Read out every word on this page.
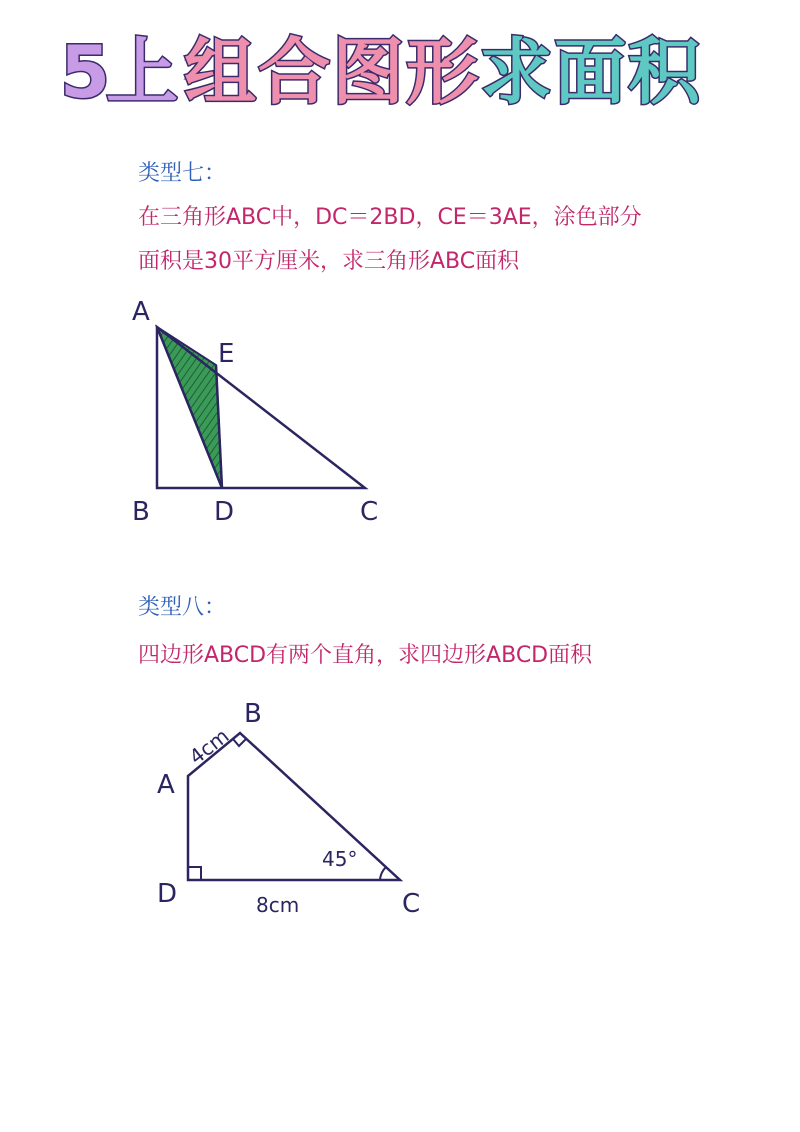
5上 组合图形 求面积
类型七：
在三角形ABC中，DC＝2BD，CE＝3AE，涂色部分
面积是30平方厘米，求三角形ABC面积
A
E
B D	C
A
B
C
D
4cm
8cm
45°
类型八：
四边形ABCD有两个直角，求四边形ABCD面积
